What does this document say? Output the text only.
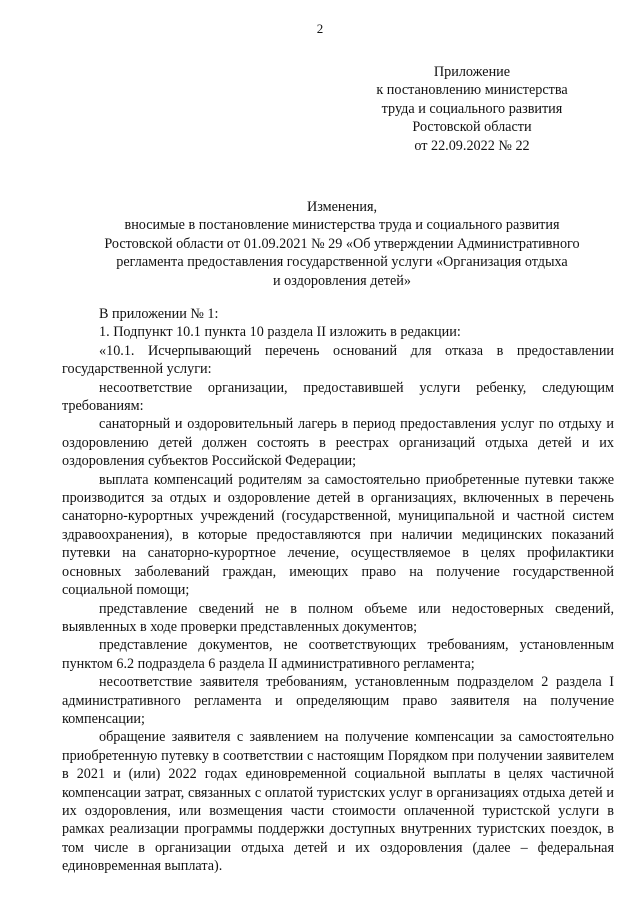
2
Приложение
к постановлению министерства
труда и социального развития
Ростовской области
от 22.09.2022 № 22
Изменения,
вносимые в постановление министерства труда и социального развития
Ростовской области от 01.09.2021 № 29 «Об утверждении Административного
регламента предоставления государственной услуги «Организация отдыха
и оздоровления детей»

В приложении № 1:

1. Подпункт 10.1 пункта 10 раздела II изложить в редакции:

«10.1. Исчерпывающий перечень оснований для отказа в предоставлении государственной услуги:

несоответствие организации, предоставившей услуги ребенку, следующим требованиям:

санаторный и оздоровительный лагерь в период предоставления услуг по отдыху и оздоровлению детей должен состоять в реестрах организаций отдыха детей и их оздоровления субъектов Российской Федерации;

выплата компенсаций родителям за самостоятельно приобретенные путевки также производится за отдых и оздоровление детей в организациях, включенных в перечень санаторно-курортных учреждений (государственной, муниципальной и частной систем здравоохранения), в которые предоставляются при наличии медицинских показаний путевки на санаторно-курортное лечение, осуществляемое в целях профилактики основных заболеваний граждан, имеющих право на получение государственной социальной помощи;

представление сведений не в полном объеме или недостоверных сведений, выявленных в ходе проверки представленных документов;

представление документов, не соответствующих требованиям, установленным пунктом 6.2 подраздела 6 раздела II административного регламента;

несоответствие заявителя требованиям, установленным подразделом 2 раздела I административного регламента и определяющим право заявителя на получение компенсации;

обращение заявителя с заявлением на получение компенсации за самостоятельно приобретенную путевку в соответствии с настоящим Порядком при получении заявителем в 2021 и (или) 2022 годах единовременной социальной выплаты в целях частичной компенсации затрат, связанных с оплатой туристских услуг в организациях отдыха детей и их оздоровления, или возмещения части стоимости оплаченной туристской услуги в рамках реализации программы поддержки доступных внутренних туристских поездок, в том числе в организации отдыха детей и их оздоровления (далее – федеральная единовременная выплата).
